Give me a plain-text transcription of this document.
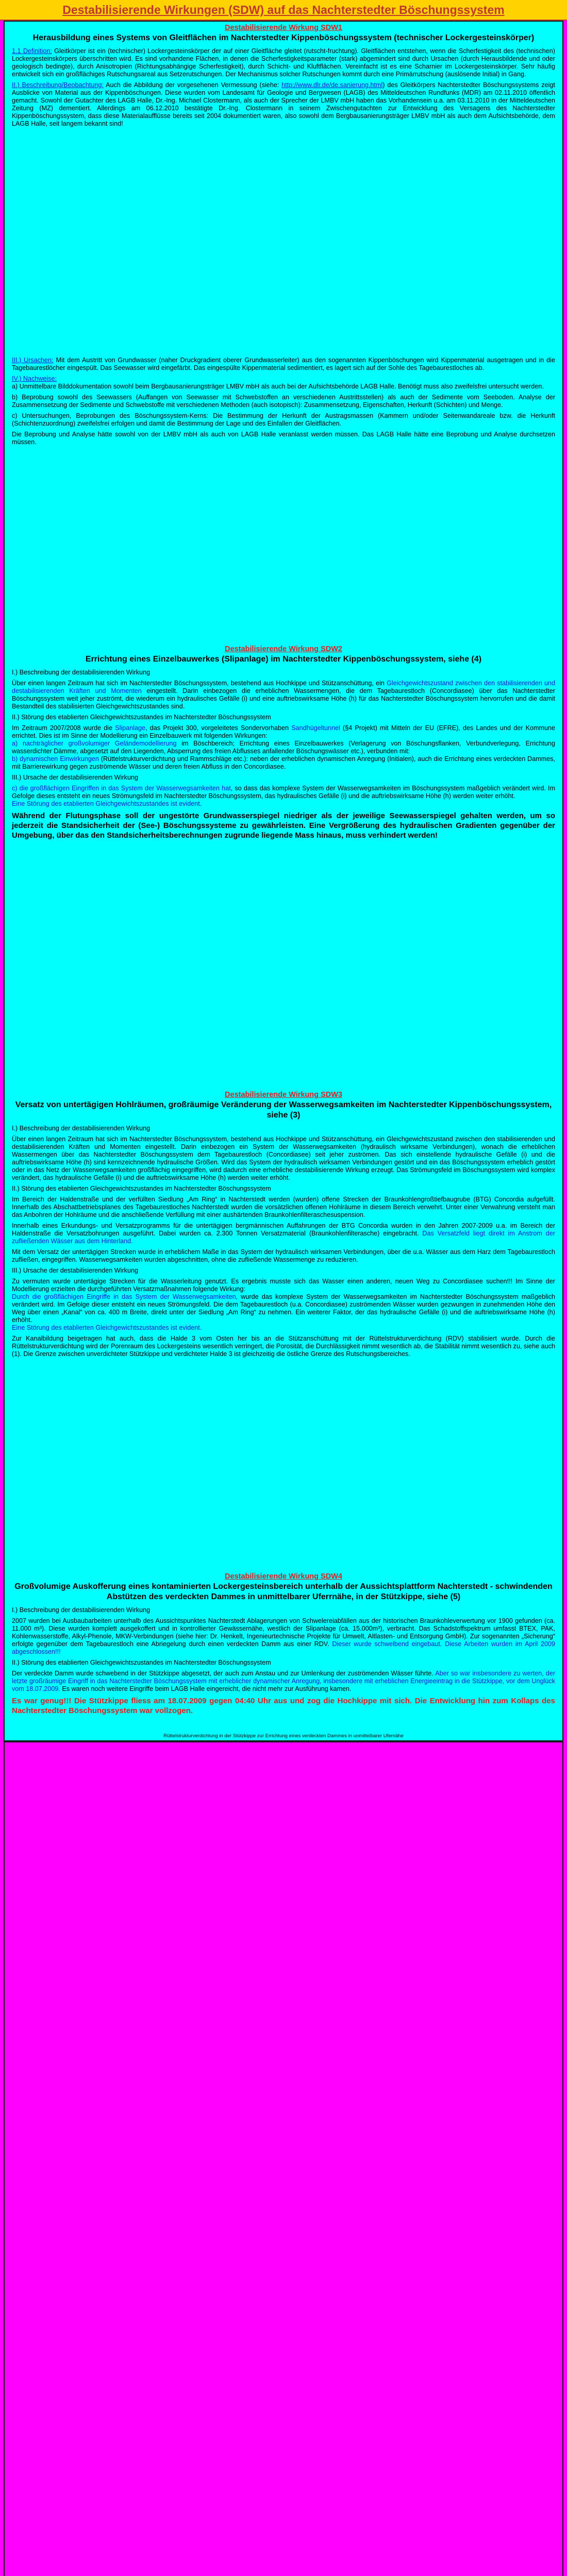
Destabilisierende Wirkungen (SDW) auf das Nachterstedter Böschungssystem
Destabilisierende Wirkung SDW1
Herausbildung eines Systems von Gleitflächen im Nachterstedter Kippenböschungssystem (technischer Lockergesteinskörper)

1.1 Definition: Gleitkörper ist ein (technischer) Lockergesteinskörper der auf einer Gleitfläche gleitet (rutscht-fruchtung). Gleitflächen entstehen, wenn die Scherfestigkeit des (technischen) Lockergesteinskörpers überschritten wird. Es sind vorhandene Flächen, in denen die Scherfestigkeitsparameter (stark) abgemindert sind durch Ursachen (durch Herausbildende und oder geologisch bedingte), durch Anisotropien (Richtungsabhängige Scherfestigkeit), durch Schicht- und Kluftflächen. Vereinfacht ist es eine Scharnier im Lockergesteinskörper. Sehr häufig entwickelt sich ein großflächiges Rutschungsareal aus Setzerutschungen. Der Mechanismus solcher Rutschungen kommt durch eine Primärrutschung (auslösende Initial) in Gang.

II.) Beschreibung/Beobachtung: Auch die Abbildung der vorgesehenen Vermessung (siehe: http://www.dlr.de/de.sanierung.html) des Gleitkörpers Nachterstedter Böschungssystems zeigt Ausblicke von Material aus der Kippenböschungen. Diese wurden vom Landesamt für Geologie und Bergwesen (LAGB) des Mitteldeutschen Rundfunks (MDR) am 02.11.2010 öffentlich gemacht. Sowohl der Gutachter des LAGB Halle, Dr.-Ing. Michael Clostermann, als auch der Sprecher der LMBV mbH haben das Vorhandensein u.a. am 03.11.2010 in der Mitteldeutschen Zeitung (MZ) dementiert. Allerdings am 06.12.2010 bestätigte Dr.-Ing. Clostermann in seinem Zwischengutachten zur Entwicklung des Versagens des Nachterstedter Kippenböschungssystem, dass diese Materialaufflüsse bereits seit 2004 dokumentiert waren, also sowohl dem Bergbausanierungsträger LMBV mbH als auch dem Aufsichtsbehörde, dem LAGB Halle, seit langem bekannt sind!

III.) Ursachen: Mit dem Austritt von Grundwasser (naher Druckgradient oberer Grundwasserleiter) aus den sogenannten Kippenböschungen wird Kippenmaterial ausgetragen und in die Tagebaurestlöcher eingespült. Das Seewasser wird eingefärbt. Das eingespülte Kippenmaterial sedimentiert, es lagert sich auf der Sohle des Tagebaurestloches ab.

IV.) Nachweise:

a) Unmittelbare Bilddokumentation sowohl beim Bergbausanierungsträger LMBV mbH als auch bei der Aufsichtsbehörde LAGB Halle. Benötigt muss also zweifelsfrei untersucht werden.

b) Beprobung sowohl des Seewassers (Auffangen von Seewasser mit Schwebstoffen an verschiedenen Austrittsstellen) als auch der Sedimente vom Seeboden. Analyse der Zusammensetzung der Sedimente und Schwebstoffe mit verschiedenen Methoden (auch isotopisch): Zusammensetzung, Eigenschaften, Herkunft (Schichten) und Menge.

c) Untersuchungen, Beprobungen des Böschungssystem-Kerns: Die Bestimmung der Herkunft der Austragsmassen (Kammern und/oder Seitenwandareale bzw. die Herkunft (Schichtenzuordnung) zweifelsfrei erfolgen und damit die Bestimmung der Lage und des Einfallen der Gleitflächen.

Die Beprobung und Analyse hätte sowohl von der LMBV mbH als auch von LAGB Halle veranlasst werden müssen. Das LAGB Halle hätte eine Beprobung und Analyse durchsetzen müssen.

Destabilisierende Wirkung SDW2
Errichtung eines Einzelbauwerkes (Slipanlage) im Nachterstedter Kippenböschungssystem, siehe (4)

I.) Beschreibung der destabilisierenden Wirkung

Über einen langen Zeitraum hat sich im Nachterstedter Böschungssystem, bestehend aus Hochkippe und Stützanschüttung, ein Gleichgewichtszustand zwischen den stabilisierenden und destabilisierenden Kräften und Momenten eingestellt. Darin einbezogen die erheblichen Wassermengen, die dem Tagebaurestloch (Concordiasee) über das Nachterstedter Böschungssystem weit jeher zuströmt, die wiederum ein hydraulisches Gefälle (i) und eine auftriebswirksame Höhe (h) für das Nachterstedter Böschungssystem hervorrufen und die damit Bestandteil des stabilisierten Gleichgewichtszustandes sind.

II.) Störung des etablierten Gleichgewichtszustandes im Nachterstedter Böschungssystem

Im Zeitraum 2007/2008 wurde die Slipanlage, das Projekt 300, vorgeleitetes Sondervorhaben Sandhügeltunnel (§4 Projekt) mit Mitteln der EU (EFRE), des Landes und der Kommune errichtet. Dies ist im Sinne der Modellierung ein Einzelbauwerk mit folgenden Wirkungen:
a) nachträglicher großvolumiger Geländemodellierung im Böschbereich; Errichtung eines Einzelbauwerkes (Verlagerung von Böschungsflanken, Verbundverlegung, Errichtung wasserdichter Dämme, abgesetzt auf den Liegenden, Absperrung des freien Abflusses anfallender Böschungswässer etc.), verbunden mit:
b) dynamischen Einwirkungen (Rüttelstrukturverdichtung und Rammschläge etc.): neben der erheblichen dynamischen Anregung (Initialen), auch die Errichtung eines verdeckten Dammes, mit Barrierewirkung gegen zuströmende Wässer und deren freien Abfluss in den Concordiasee.

III.) Ursache der destabilisierenden Wirkung

c) die großflächigen Eingriffen in das System der Wasserwegsamkeiten hat, so dass das komplexe System der Wasserwegsamkeiten im Böschungssystem maßgeblich verändert wird. Im Gefolge dieses entsteht ein neues Strömungsfeld im Nachterstedter Böschungssystem, das hydraulisches Gefälle (i) und die auftriebswirksame Höhe (h) werden weiter erhöht.
Eine Störung des etablierten Gleichgewichtszustandes ist evident.

Während der Flutungsphase soll der ungestörte Grundwasserspiegel niedriger als der jeweilige Seewasserspiegel gehalten werden, um so jederzeit die Standsicherheit der (See-) Böschungssysteme zu gewährleisten. Eine Vergrößerung des hydraulischen Gradienten gegenüber der Umgebung, über das den Standsicherheitsberechnungen zugrunde liegende Mass hinaus, muss verhindert werden!

Destabilisierende Wirkung SDW3
Versatz von untertägigen Hohlräumen, großräumige Veränderung der Wasserwegsamkeiten im Nachterstedter Kippenböschungssystem, siehe (3)

I.) Beschreibung der destabilisierenden Wirkung

Über einen langen Zeitraum hat sich im Nachterstedter Böschungssystem, bestehend aus Hochkippe und Stützanschüttung, ein Gleichgewichtszustand zwischen den stabilisierenden und destabilisierenden Kräften und Momenten eingestellt. Darin einbezogen ein System der Wasserwegsamkeiten (hydraulisch wirksame Verbindungen), wonach die erheblichen Wassermengen über das Nachterstedter Böschungssystem dem Tagebaurestloch (Concordiasee) seit jeher zuströmen. Das sich einstellende hydraulische Gefälle (i) und die auftriebswirksame Höhe (h) sind kennzeichnende hydraulische Größen. Wird das System der hydraulisch wirksamen Verbindungen gestört und ein das Böschungssystem erheblich gestört oder in das Netz der Wasserwegsamkeiten großflächig eingegriffen, wird dadurch eine erhebliche destabilisierende Wirkung erzeugt. Das Strömungsfeld im Böschungssystem wird komplex verändert, das hydraulische Gefälle (i) und die auftriebswirksame Höhe (h) werden weiter erhöht.

II.) Störung des etablierten Gleichgewichtszustandes im Nachterstedter Böschungssystem

Im Bereich der Haldenstraße und der verfüllten Siedlung „Am Ring“ in Nachterstedt werden (wurden) offene Strecken der Braunkohlengroßtiefbaugrube (BTG) Concordia aufgefüllt. Innerhalb des Abschattbetriebsplanes des Tagebaurestloches Nachterstedt wurden die vorsätzlichen offenen Hohlräume in diesem Bereich verwehrt. Unter einer Verwahrung versteht man das Anbohren der Hohlräume und die anschließende Verfüllung mit einer aushärtenden Braunkohlenfilteraschesuspension.

Innerhalb eines Erkundungs- und Versatzprogramms für die untertägigen bergmännischen Auffahrungen der BTG Concordia wurden in den Jahren 2007-2009 u.a. im Bereich der Haldenstraße die Versatzbohrungen ausgeführt. Dabei wurden ca. 2.300 Tonnen Versatzmaterial (Braunkohlenfilterasche) eingebracht. Das Versatzfeld liegt direkt im Anstrom der zufließenden Wässer aus dem Hinterland.

Mit dem Versatz der untertägigen Strecken wurde in erheblichem Maße in das System der hydraulisch wirksamen Verbindungen, über die u.a. Wässer aus dem Harz dem Tagebaurestloch zufließen, eingegriffen. Wasserwegsamkeiten wurden abgeschnitten, ohne die zufließende Wassermenge zu reduzieren.

III.) Ursache der destabilisierenden Wirkung

Zu vermuten wurde untertägige Strecken für die Wasserleitung genutzt. Es ergebnis musste sich das Wasser einen anderen, neuen Weg zu Concordiasee suchen!!! Im Sinne der Modellierung erzielten die durchgeführten Versatzmaßnahmen folgende Wirkung:
Durch die großflächigen Eingriffe in das System der Wasserwegsamkeiten, wurde das komplexe System der Wasserwegsamkeiten im Nachterstedter Böschungssystem maßgeblich verändert wird. Im Gefolge dieser entsteht ein neues Strömungsfeld. Die dem Tagebaurestloch (u.a. Concordiasee) zuströmenden Wässer wurden gezwungen in zunehmenden Höhe den Weg über einen „Kanal“ von ca. 400 m Breite, direkt unter der Siedlung „Am Ring“ zu nehmen. Ein weiterer Faktor, der das hydraulische Gefälle (i) und die auftriebswirksame Höhe (h) erhöht.
Eine Störung des etablierten Gleichgewichtszustandes ist evident.

Zur Kanalbildung beigetragen hat auch, dass die Halde 3 vom Osten her bis an die Stützanschüttung mit der Rüttelstrukturverdichtung (RDV) stabilisiert wurde. Durch die Rüttelstrukturverdichtung wird der Porenraum des Lockergesteins wesentlich verringert, die Porosität, die Durchlässigkeit nimmt wesentlich ab, die Stabilität nimmt wesentlich zu, siehe auch (1). Die Grenze zwischen unverdichteter Stützkippe und verdichteter Halde 3 ist gleichzeitig die östliche Grenze des Rutschungsbereiches.

Destabilisierende Wirkung SDW4
Großvolumige Auskofferung eines kontaminierten Lockergesteinsbereich unterhalb der Aussichtsplattform Nachterstedt - schwindenden Abstützen des verdeckten Dammes in unmittelbarer Uferrnähe, in der Stützkippe, siehe (5)

I.) Beschreibung der destabilisierenden Wirkung

2007 wurden bei Ausbaubarbeiten unterhalb des Aussichtspunktes Nachterstedt Ablagerungen von Schwelereiabfällen aus der historischen Braunkohleverwertung vor 1900 gefunden (ca. 11.000 m³). Diese wurden komplett ausgekoffert und in kontrollierter Gewässernähe, westlich der Slipanlage (ca. 15.000m³), verbracht. Das Schadstoffspektrum umfasst BTEX, PAK, Kohlenwasserstoffe, Alkyl-Phenole, MKW-Verbindungen (siehe hier: Dr. Henkelt, Ingenieurtechnische Projekte für Umwelt, Altlasten- und Entsorgung GmbH). Zur sogenannten „Sicherung“ erfolgte gegenüber dem Tagebaurestloch eine Abriegelung durch einen verdeckten Damm aus einer RDV. Dieser wurde schwelbend eingebaut. Diese Arbeiten wurden im April 2009 abgeschlossen!!!

II.) Störung des etablierten Gleichgewichtszustandes im Nachterstedter Böschungssystem

Der verdeckte Damm wurde schwebend in der Stützkippe abgesetzt, der auch zum Anstau und zur Umlenkung der zuströmenden Wässer führte. Aber so war insbesondere zu werten, der letzte großräumige Eingriff in das Nachterstedter Böschungssystem mit erheblicher dynamischer Anregung, insbesondere mit erheblichen Energieeintrag in die Stützkippe, vor dem Unglück vom 18.07.2009. Es waren noch weitere Eingriffe beim LAGB Halle eingereicht, die nicht mehr zur Ausführung kamen.

Es war genug!!! Die Stützkippe fliess am 18.07.2009 gegen 04:40 Uhr aus und zog die Hochkippe mit sich. Die Entwicklung hin zum Kollaps des Nachterstedter Böschungssystem war vollzogen.

Rüttelstrukturverdichtung in der Stützkippe zur Errichtung eines verdeckten Dammes in unmittelbarer Ufernähe
